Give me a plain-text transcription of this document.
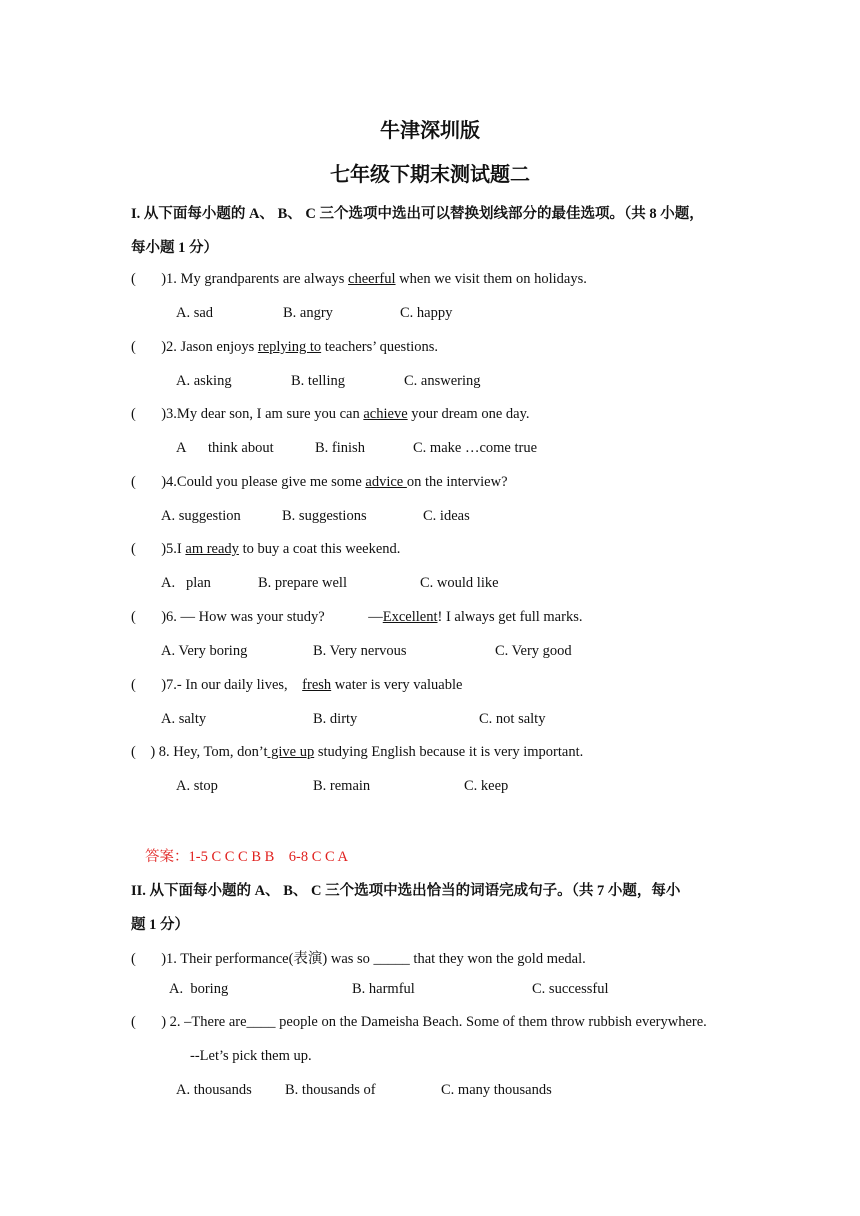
牛津深圳版
七年级下期末测试题二
I. 从下面每小题的 A、 B、 C 三个选项中选出可以替换划线部分的最佳选项。（共 8 小题，
每小题 1 分）
(       )1. My grandparents are always cheerful when we visit them on holidays.
A. sad	B. angry	C. happy
(       )2. Jason enjoys replying to teachers’ questions.
A. asking	B. telling	C. answering
(       )3.My dear son, I am sure you can achieve your dream one day.
A think about	B. finish	C. make …come true
(       )4.Could you please give me some advice on the interview?
A. suggestion	B. suggestions	C. ideas
(       )5.I am ready to buy a coat this weekend.
A.   plan	B. prepare well	C. would like
(       )6. — How was your study?            —Excellent! I always get full marks.
A. Very boring	B. Very nervous	C. Very good
(       )7.- In our daily lives,    fresh water is very valuable
A. salty	B. dirty	C. not salty
(    ) 8. Hey, Tom, don’t give up studying English because it is very important.
A. stop	B. remain	C. keep
答案：1-5 C C C B B    6-8 C C A
II. 从下面每小题的 A、 B、 C 三个选项中选出恰当的词语完成句子。（共 7 小题，每小
题 1 分）
(       )1. Their performance(表演) was so _____ that they won the gold medal.
A.  boring	B. harmful	C. successful
(       ) 2. –There are____ people on the Dameisha Beach. Some of them throw rubbish everywhere.
--Let’s pick them up.
A. thousands B. thousands of	C. many thousands
